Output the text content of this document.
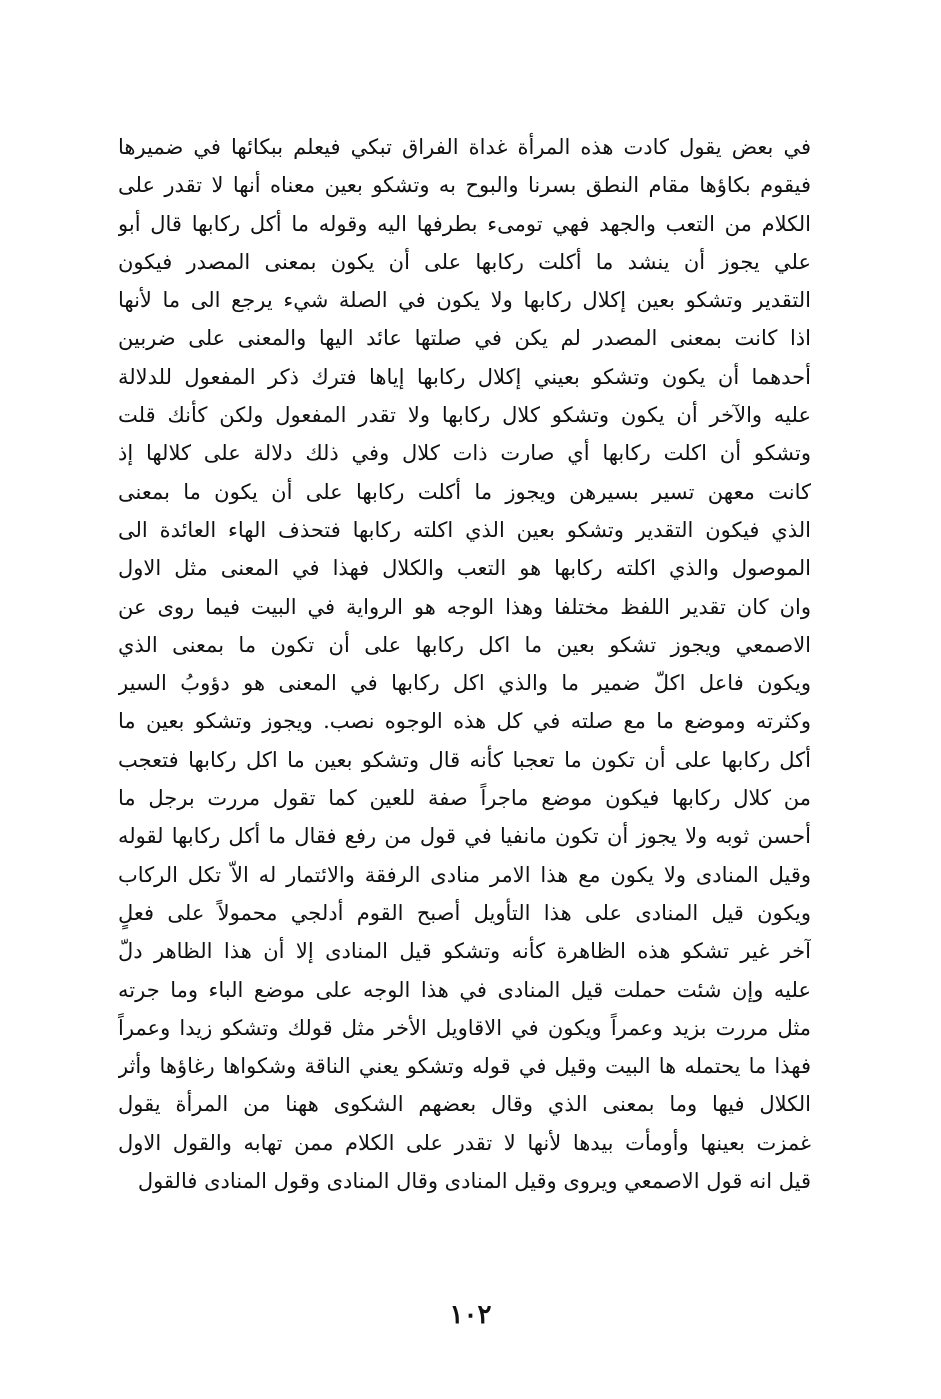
في بعض يقول كادت هذه المرأة غداة الفراق تبكي فيعلم ببكائها في ضميرها
فيقوم بكاؤها مقام النطق بسرنا والبوح به وتشكو بعين معناه أنها لا تقدر على
الكلام من التعب والجهد فهي تومىء بطرفها اليه وقوله ما أكل ركابها قال أبو
علي يجوز أن ينشد ما أكلت ركابها على أن يكون بمعنى المصدر فيكون
التقدير وتشكو بعين إكلال ركابها ولا يكون في الصلة شيء يرجع الى ما لأنها
اذا كانت بمعنى المصدر لم يكن في صلتها عائد اليها والمعنى على ضربين
أحدهما أن يكون وتشكو بعيني إكلال ركابها إياها فترك ذكر المفعول للدلالة
عليه والآخر أن يكون وتشكو كلال ركابها ولا تقدر المفعول ولكن كأنك قلت
وتشكو أن اكلت ركابها أي صارت ذات كلال وفي ذلك دلالة على كلالها إذ
كانت معهن تسير بسيرهن ويجوز ما أكلت ركابها على أن يكون ما بمعنى
الذي فيكون التقدير وتشكو بعين الذي اكلته ركابها فتحذف الهاء العائدة الى
الموصول والذي اكلته ركابها هو التعب والكلال فهذا في المعنى مثل الاول
وان كان تقدير اللفظ مختلفا وهذا الوجه هو الرواية في البيت فيما روى عن
الاصمعي ويجوز تشكو بعين ما اكل ركابها على أن تكون ما بمعنى الذي
ويكون فاعل اكلّ ضمير ما والذي اكل ركابها في المعنى هو دؤوبُ السير
وكثرته وموضع ما مع صلته في كل هذه الوجوه نصب. ويجوز وتشكو بعين ما
أكل ركابها على أن تكون ما تعجبا كأنه قال وتشكو بعين ما اكل ركابها فتعجب
من كلال ركابها فيكون موضع ماجراً صفة للعين كما تقول مررت برجل ما
أحسن ثوبه ولا يجوز أن تكون مانفيا في قول من رفع فقال ما أكل ركابها لقوله
وقيل المنادى ولا يكون مع هذا الامر منادى الرفقة والائتمار له الاّ تكل الركاب
ويكون قيل المنادى على هذا التأويل أصبح القوم أدلجي محمولاً على فعلٍ
آخر غير تشكو هذه الظاهرة كأنه وتشكو قيل المنادى إلا أن هذا الظاهر دلّ
عليه وإن شئت حملت قيل المنادى في هذا الوجه على موضع الباء وما جرته
مثل مررت بزيد وعمراً ويكون في الاقاويل الأخر مثل قولك وتشكو زيدا وعمراً
فهذا ما يحتمله ها البيت وقيل في قوله وتشكو يعني الناقة وشكواها رغاؤها وأثر
الكلال فيها وما بمعنى الذي وقال بعضهم الشكوى ههنا من المرأة يقول
غمزت بعينها وأومأت بيدها لأنها لا تقدر على الكلام ممن تهابه والقول الاول
قيل انه قول الاصمعي ويروى وقيل المنادى وقال المنادى وقول المنادى فالقول
١٠٢
